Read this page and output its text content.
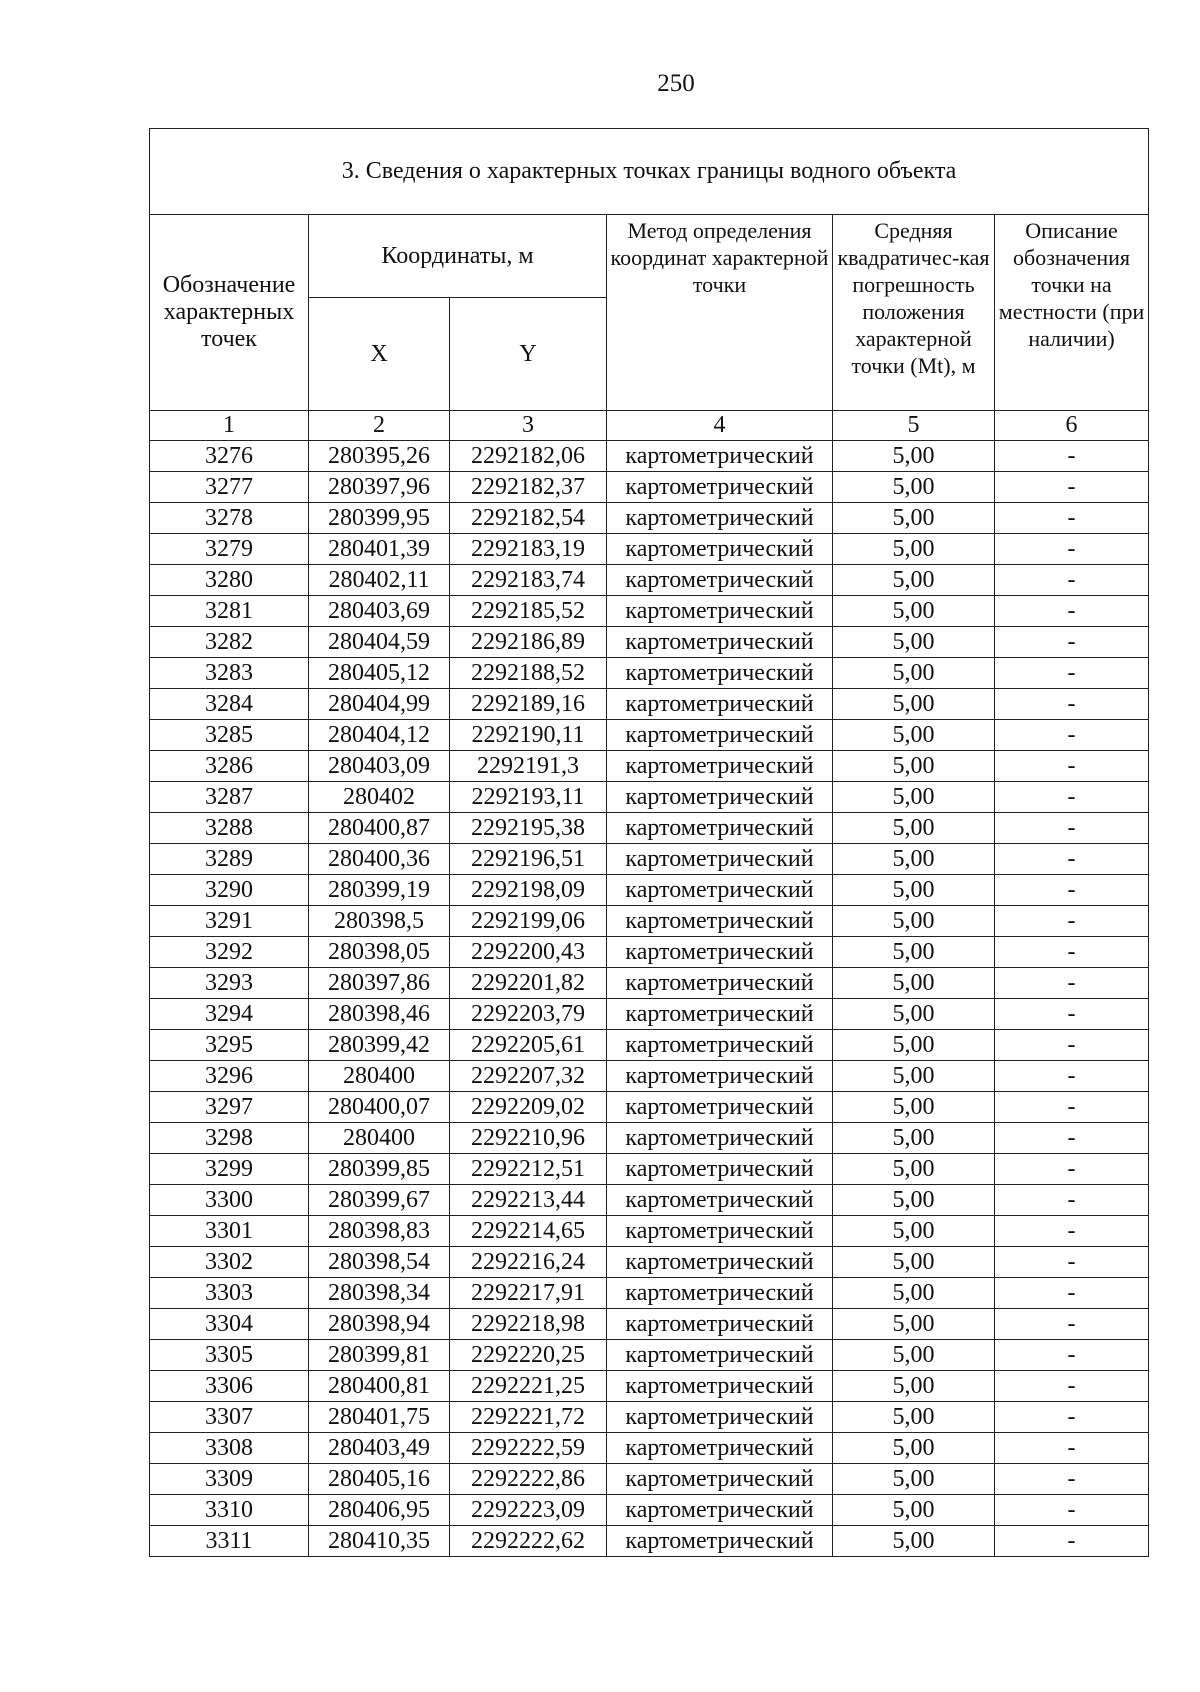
250
3. Сведения о характерных точках границы водного объекта					
Обозначение характерных точек	Координаты, м		Метод определения координат характерной точки	Средняя квадратичес-кая погрешность положения характерной точки (Mt), м	Описание обозначения точки на местности (при наличии)
	X	Y			
1	2	3	4	5	6
3276	280395,26	2292182,06	картометрический	5,00	-
3277	280397,96	2292182,37	картометрический	5,00	-
3278	280399,95	2292182,54	картометрический	5,00	-
3279	280401,39	2292183,19	картометрический	5,00	-
3280	280402,11	2292183,74	картометрический	5,00	-
3281	280403,69	2292185,52	картометрический	5,00	-
3282	280404,59	2292186,89	картометрический	5,00	-
3283	280405,12	2292188,52	картометрический	5,00	-
3284	280404,99	2292189,16	картометрический	5,00	-
3285	280404,12	2292190,11	картометрический	5,00	-
3286	280403,09	2292191,3	картометрический	5,00	-
3287	280402	2292193,11	картометрический	5,00	-
3288	280400,87	2292195,38	картометрический	5,00	-
3289	280400,36	2292196,51	картометрический	5,00	-
3290	280399,19	2292198,09	картометрический	5,00	-
3291	280398,5	2292199,06	картометрический	5,00	-
3292	280398,05	2292200,43	картометрический	5,00	-
3293	280397,86	2292201,82	картометрический	5,00	-
3294	280398,46	2292203,79	картометрический	5,00	-
3295	280399,42	2292205,61	картометрический	5,00	-
3296	280400	2292207,32	картометрический	5,00	-
3297	280400,07	2292209,02	картометрический	5,00	-
3298	280400	2292210,96	картометрический	5,00	-
3299	280399,85	2292212,51	картометрический	5,00	-
3300	280399,67	2292213,44	картометрический	5,00	-
3301	280398,83	2292214,65	картометрический	5,00	-
3302	280398,54	2292216,24	картометрический	5,00	-
3303	280398,34	2292217,91	картометрический	5,00	-
3304	280398,94	2292218,98	картометрический	5,00	-
3305	280399,81	2292220,25	картометрический	5,00	-
3306	280400,81	2292221,25	картометрический	5,00	-
3307	280401,75	2292221,72	картометрический	5,00	-
3308	280403,49	2292222,59	картометрический	5,00	-
3309	280405,16	2292222,86	картометрический	5,00	-
3310	280406,95	2292223,09	картометрический	5,00	-
3311	280410,35	2292222,62	картометрический	5,00	-
